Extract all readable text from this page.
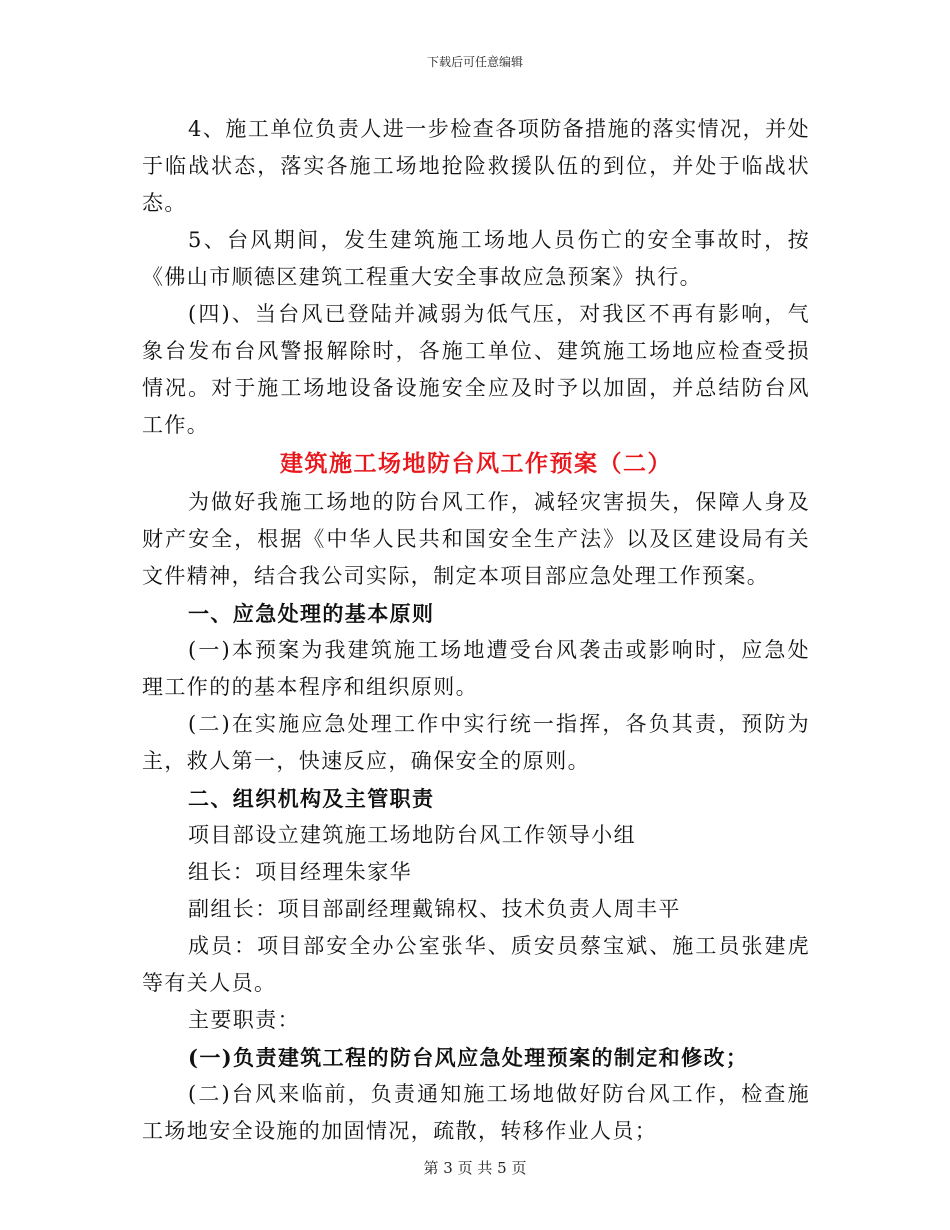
下载后可任意编辑

4、施工单位负责人进一步检查各项防备措施的落实情况，并处于临战状态，落实各施工场地抢险救援队伍的到位，并处于临战状态。

5、台风期间，发生建筑施工场地人员伤亡的安全事故时，按《佛山市顺德区建筑工程重大安全事故应急预案》执行。

(四)、当台风已登陆并减弱为低气压，对我区不再有影响，气象台发布台风警报解除时，各施工单位、建筑施工场地应检查受损情况。对于施工场地设备设施安全应及时予以加固，并总结防台风工作。

建筑施工场地防台风工作预案（二）

为做好我施工场地的防台风工作，减轻灾害损失，保障人身及财产安全，根据《中华人民共和国安全生产法》以及区建设局有关文件精神，结合我公司实际，制定本项目部应急处理工作预案。

一、应急处理的基本原则

(一)本预案为我建筑施工场地遭受台风袭击或影响时，应急处理工作的的基本程序和组织原则。

(二)在实施应急处理工作中实行统一指挥，各负其责，预防为主，救人第一，快速反应，确保安全的原则。

二、组织机构及主管职责

项目部设立建筑施工场地防台风工作领导小组

组长：项目经理朱家华

副组长：项目部副经理戴锦权、技术负责人周丰平

成员：项目部安全办公室张华、质安员蔡宝斌、施工员张建虎等有关人员。

主要职责：

(一)负责建筑工程的防台风应急处理预案的制定和修改；

(二)台风来临前，负责通知施工场地做好防台风工作，检查施工场地安全设施的加固情况，疏散，转移作业人员；

第 3 页 共 5 页
